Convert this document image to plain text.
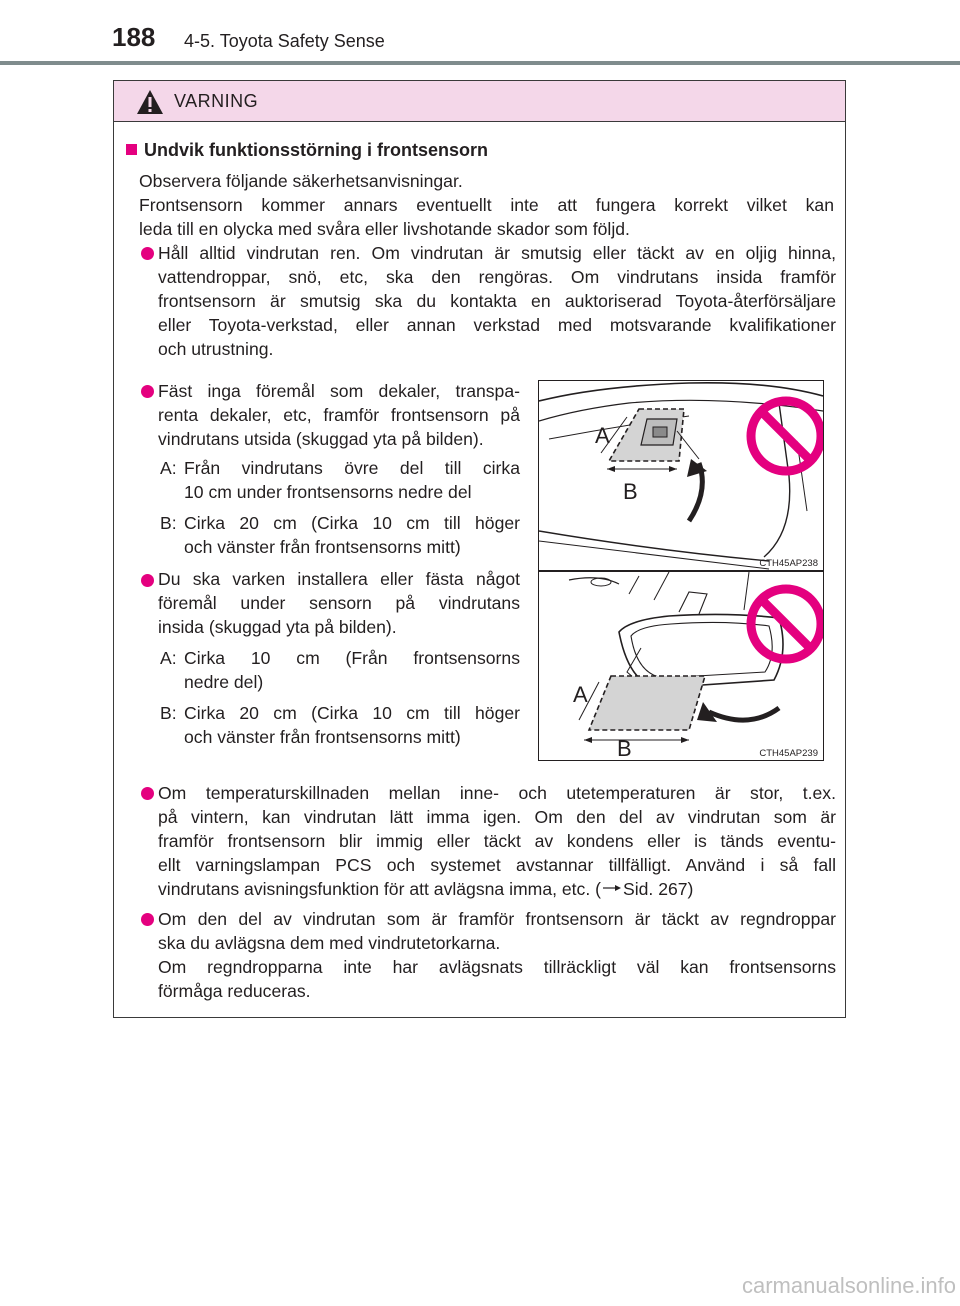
188 4-5. Toyota Safety Sense
VARNING
Undvik funktionsstörning i frontsensorn
Observera följande säkerhetsanvisningar.
Frontsensorn kommer annars eventuellt inte att fungera korrekt vilket kan
leda till en olycka med svåra eller livshotande skador som följd.
Håll alltid vindrutan ren. Om vindrutan är smutsig eller täckt av en oljig hinna,
vattendroppar, snö, etc, ska den rengöras. Om vindrutans insida framför
frontsensorn är smutsig ska du kontakta en auktoriserad Toyota-återförsäljare
eller Toyota-verkstad, eller annan verkstad med motsvarande kvalifikationer
och utrustning.
Fäst inga föremål som dekaler, transpa-
renta dekaler, etc, framför frontsensorn på
vindrutans utsida (skuggad yta på bilden).
A: Från vindrutans övre del till cirka
10 cm under frontsensorns nedre del
B: Cirka 20 cm (Cirka 10 cm till höger
och vänster från frontsensorns mitt)
A
B
CTH45AP238
Du ska varken installera eller fästa något
föremål under sensorn på vindrutans
insida (skuggad yta på bilden).
A: Cirka 10 cm (Från frontsensorns
nedre del)
B: Cirka 20 cm (Cirka 10 cm till höger
och vänster från frontsensorns mitt)
A
B	CTH45AP239
Om temperaturskillnaden mellan inne- och utetemperaturen är stor, t.ex.
på vintern, kan vindrutan lätt imma igen. Om den del av vindrutan som är
framför frontsensorn blir immig eller täckt av kondens eller is tänds eventu-
ellt varningslampan PCS och systemet avstannar tillfälligt. Använd i så fall
vindrutans avisningsfunktion för att avlägsna imma, etc. ( Sid. 267)
Om den del av vindrutan som är framför frontsensorn är täckt av regndroppar
ska du avlägsna dem med vindrutetorkarna.
Om regndropparna inte har avlägsnats tillräckligt väl kan frontsensorns
förmåga reduceras.
carmanualsonline.info
